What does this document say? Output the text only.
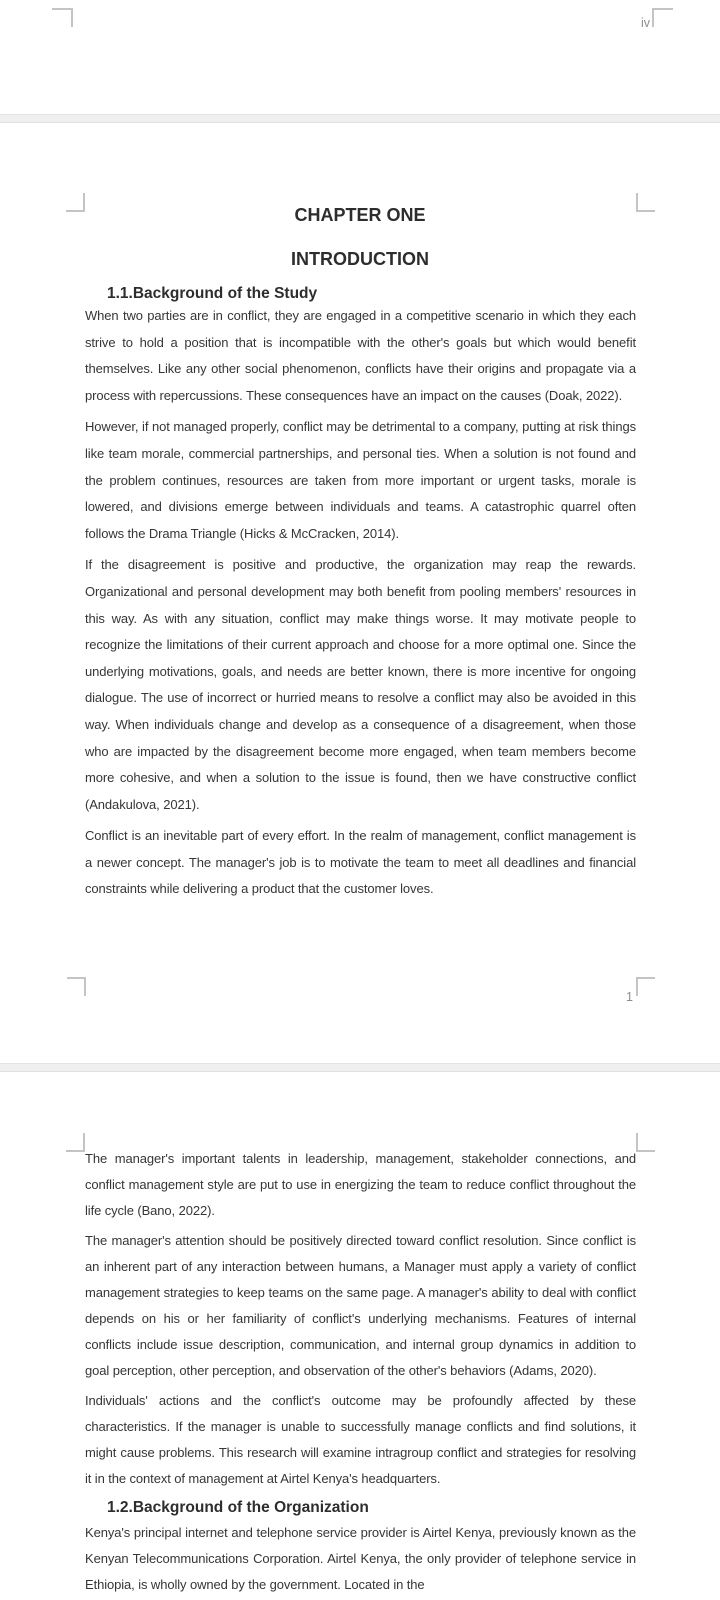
iv
CHAPTER ONE
INTRODUCTION
1.1.Background of the Study

When two parties are in conflict, they are engaged in a competitive scenario in which they each strive to hold a position that is incompatible with the other's goals but which would benefit themselves. Like any other social phenomenon, conflicts have their origins and propagate via a process with repercussions. These consequences have an impact on the causes (Doak, 2022).

However, if not managed properly, conflict may be detrimental to a company, putting at risk things like team morale, commercial partnerships, and personal ties. When a solution is not found and the problem continues, resources are taken from more important or urgent tasks, morale is lowered, and divisions emerge between individuals and teams. A catastrophic quarrel often follows the Drama Triangle (Hicks & McCracken, 2014).

If the disagreement is positive and productive, the organization may reap the rewards. Organizational and personal development may both benefit from pooling members' resources in this way. As with any situation, conflict may make things worse. It may motivate people to recognize the limitations of their current approach and choose for a more optimal one. Since the underlying motivations, goals, and needs are better known, there is more incentive for ongoing dialogue. The use of incorrect or hurried means to resolve a conflict may also be avoided in this way. When individuals change and develop as a consequence of a disagreement, when those who are impacted by the disagreement become more engaged, when team members become more cohesive, and when a solution to the issue is found, then we have constructive conflict (Andakulova, 2021).

Conflict is an inevitable part of every effort. In the realm of management, conflict management is a newer concept. The manager's job is to motivate the team to meet all deadlines and financial constraints while delivering a product that the customer loves.

1

The manager's important talents in leadership, management, stakeholder connections, and conflict management style are put to use in energizing the team to reduce conflict throughout the life cycle (Bano, 2022).

The manager's attention should be positively directed toward conflict resolution. Since conflict is an inherent part of any interaction between humans, a Manager must apply a variety of conflict management strategies to keep teams on the same page. A manager's ability to deal with conflict depends on his or her familiarity of conflict's underlying mechanisms. Features of internal conflicts include issue description, communication, and internal group dynamics in addition to goal perception, other perception, and observation of the other's behaviors (Adams, 2020).

Individuals' actions and the conflict's outcome may be profoundly affected by these characteristics. If the manager is unable to successfully manage conflicts and find solutions, it might cause problems. This research will examine intragroup conflict and strategies for resolving it in the context of management at Airtel Kenya's headquarters.

1.2.Background of the Organization

Kenya's principal internet and telephone service provider is Airtel Kenya, previously known as the Kenyan Telecommunications Corporation. Airtel Kenya, the only provider of telephone service in Ethiopia, is wholly owned by the government. Located in the
